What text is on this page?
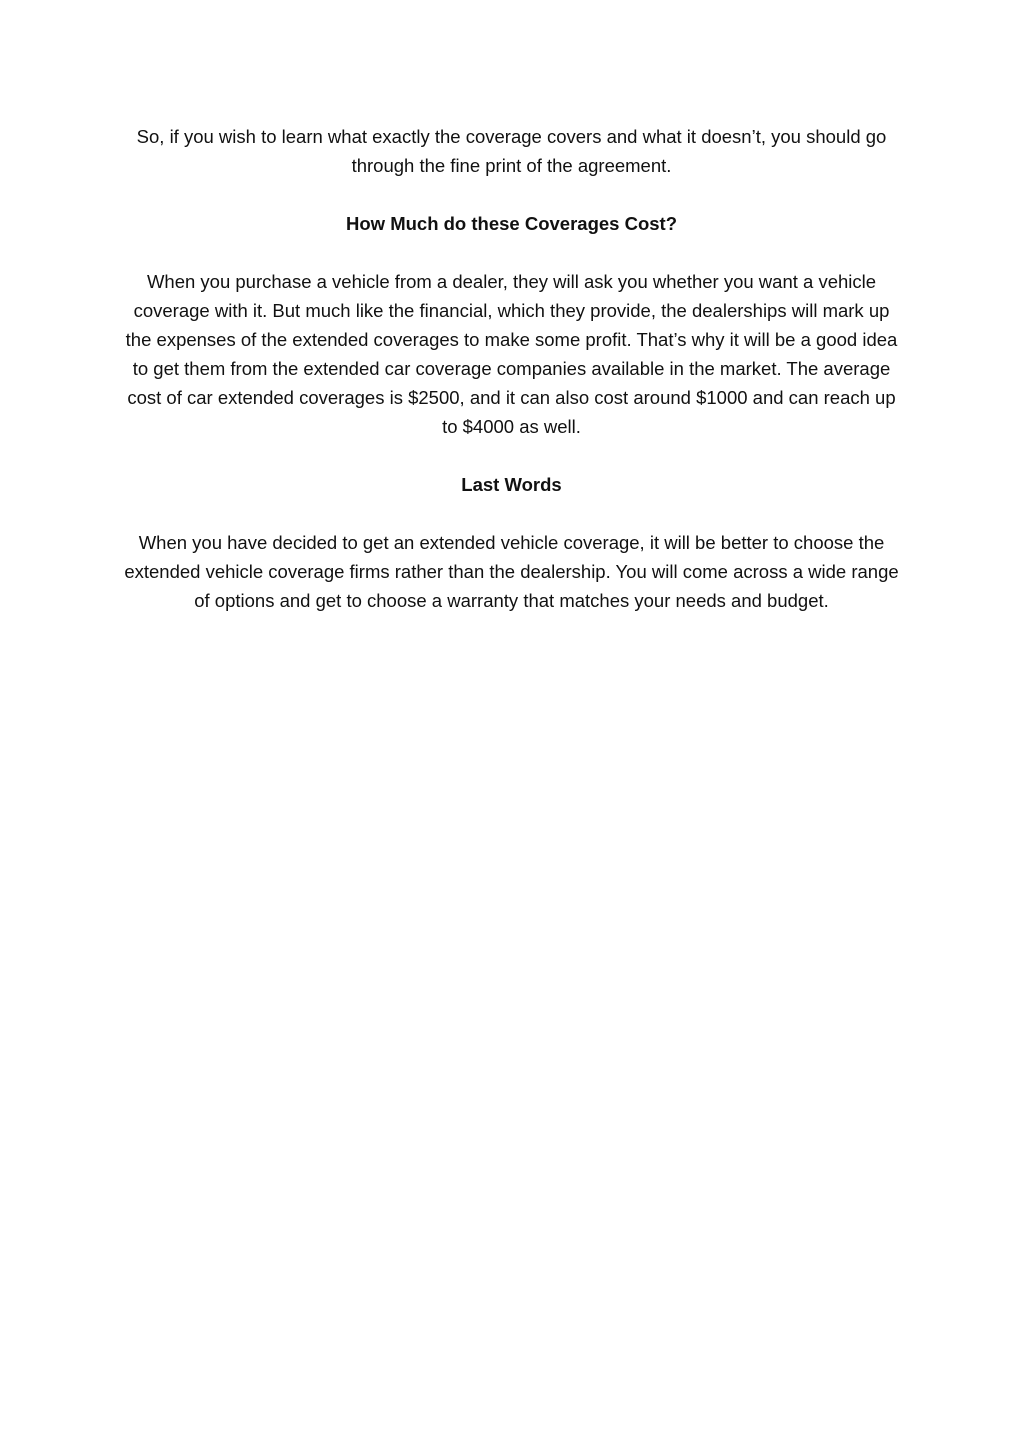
So, if you wish to learn what exactly the coverage covers and what it doesn’t, you should go through the fine print of the agreement.

How Much do these Coverages Cost?

When you purchase a vehicle from a dealer, they will ask you whether you want a vehicle coverage with it. But much like the financial, which they provide, the dealerships will mark up the expenses of the extended coverages to make some profit. That’s why it will be a good idea to get them from the extended car coverage companies available in the market. The average cost of car extended coverages is $2500, and it can also cost around $1000 and can reach up to $4000 as well.

Last Words

When you have decided to get an extended vehicle coverage, it will be better to choose the extended vehicle coverage firms rather than the dealership. You will come across a wide range of options and get to choose a warranty that matches your needs and budget.
